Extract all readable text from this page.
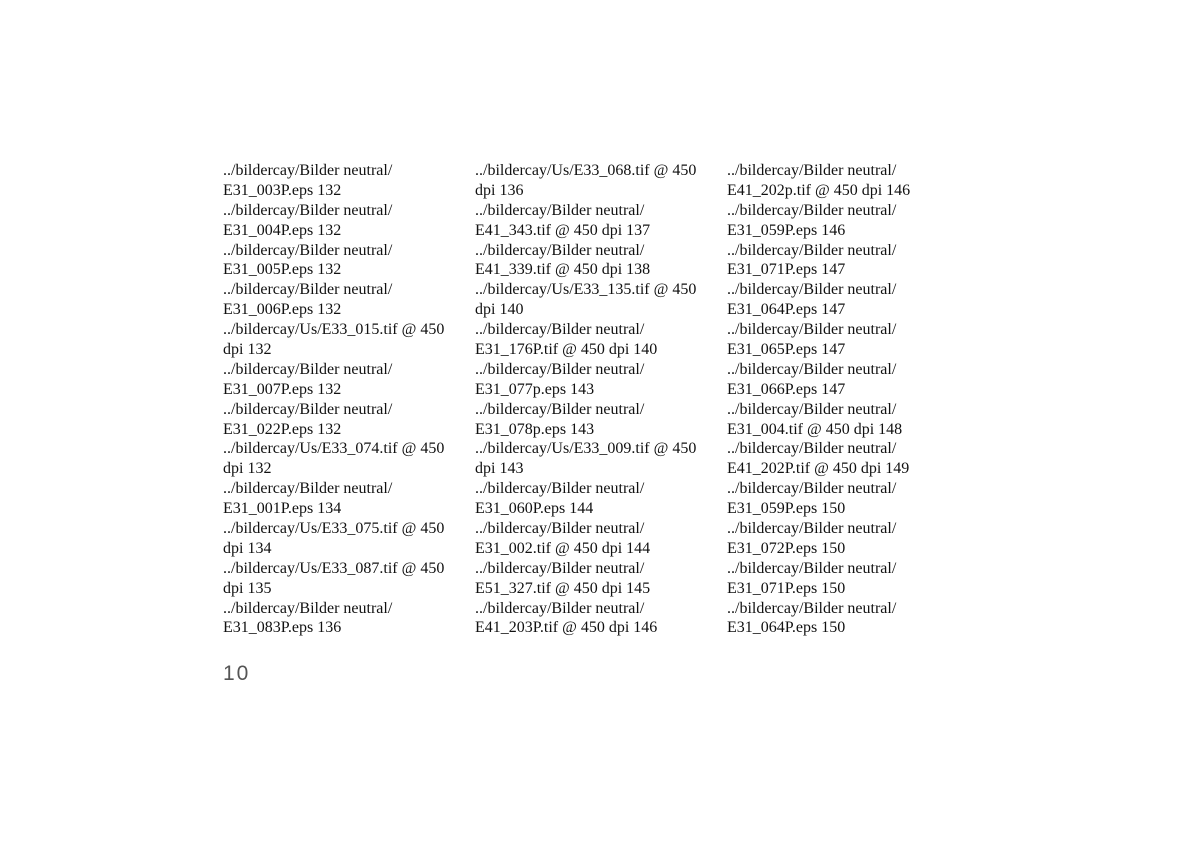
../bildercay/Bilder neutral/
E31_003P.eps 132
../bildercay/Bilder neutral/
E31_004P.eps 132
../bildercay/Bilder neutral/
E31_005P.eps 132
../bildercay/Bilder neutral/
E31_006P.eps 132
../bildercay/Us/E33_015.tif @ 450
dpi 132
../bildercay/Bilder neutral/
E31_007P.eps 132
../bildercay/Bilder neutral/
E31_022P.eps 132
../bildercay/Us/E33_074.tif @ 450
dpi 132
../bildercay/Bilder neutral/
E31_001P.eps 134
../bildercay/Us/E33_075.tif @ 450
dpi 134
../bildercay/Us/E33_087.tif @ 450
dpi 135
../bildercay/Bilder neutral/
E31_083P.eps 136
../bildercay/Us/E33_068.tif @ 450
dpi 136
../bildercay/Bilder neutral/
E41_343.tif @ 450 dpi 137
../bildercay/Bilder neutral/
E41_339.tif @ 450 dpi 138
../bildercay/Us/E33_135.tif @ 450
dpi 140
../bildercay/Bilder neutral/
E31_176P.tif @ 450 dpi 140
../bildercay/Bilder neutral/
E31_077p.eps 143
../bildercay/Bilder neutral/
E31_078p.eps 143
../bildercay/Us/E33_009.tif @ 450
dpi 143
../bildercay/Bilder neutral/
E31_060P.eps 144
../bildercay/Bilder neutral/
E31_002.tif @ 450 dpi 144
../bildercay/Bilder neutral/
E51_327.tif @ 450 dpi 145
../bildercay/Bilder neutral/
E41_203P.tif @ 450 dpi 146
../bildercay/Bilder neutral/
E41_202p.tif @ 450 dpi 146
../bildercay/Bilder neutral/
E31_059P.eps 146
../bildercay/Bilder neutral/
E31_071P.eps 147
../bildercay/Bilder neutral/
E31_064P.eps 147
../bildercay/Bilder neutral/
E31_065P.eps 147
../bildercay/Bilder neutral/
E31_066P.eps 147
../bildercay/Bilder neutral/
E31_004.tif @ 450 dpi 148
../bildercay/Bilder neutral/
E41_202P.tif @ 450 dpi 149
../bildercay/Bilder neutral/
E31_059P.eps 150
../bildercay/Bilder neutral/
E31_072P.eps 150
../bildercay/Bilder neutral/
E31_071P.eps 150
../bildercay/Bilder neutral/
E31_064P.eps 150
10
